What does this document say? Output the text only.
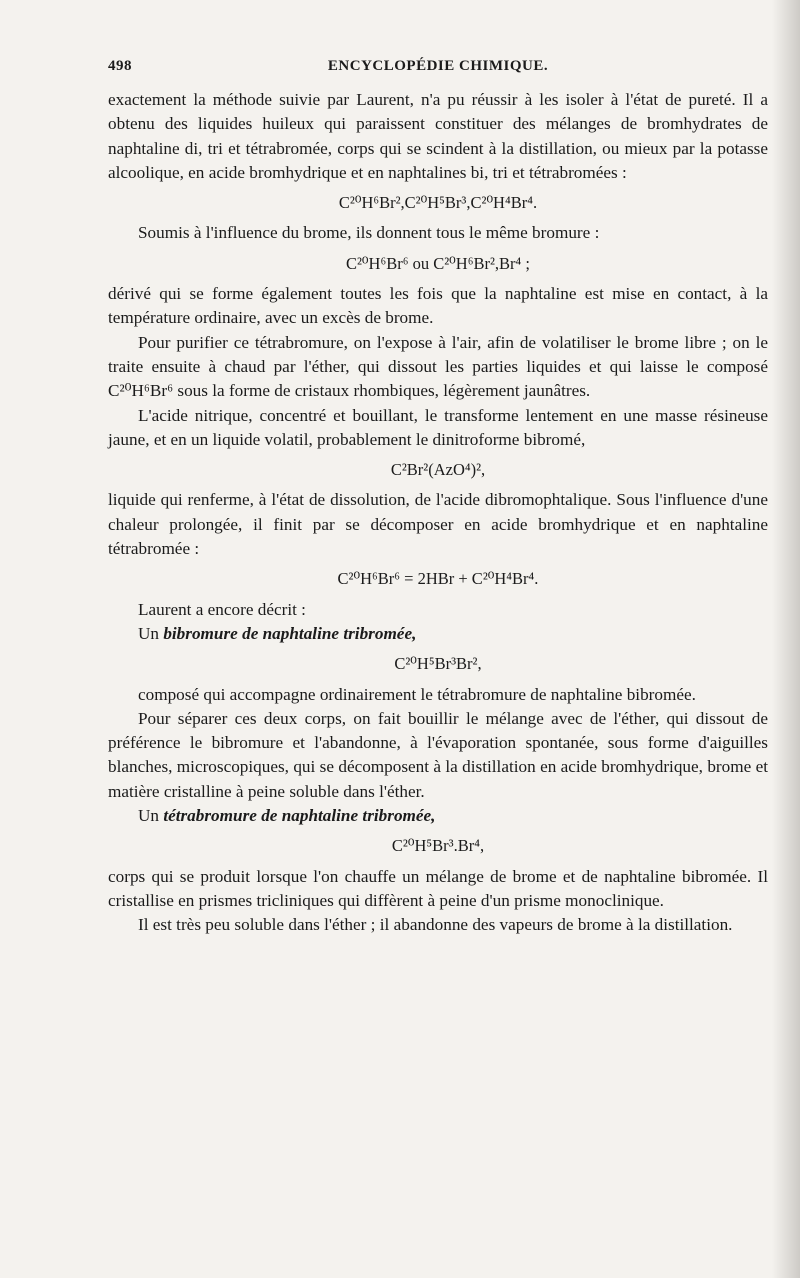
498	ENCYCLOPÉDIE CHIMIQUE.

exactement la méthode suivie par Laurent, n'a pu réussir à les isoler à l'état de pureté. Il a obtenu des liquides huileux qui paraissent constituer des mélanges de bromhydrates de naphtaline di, tri et tétrabromée, corps qui se scindent à la distillation, ou mieux par la potasse alcoolique, en acide bromhydrique et en naphtalines bi, tri et tétrabromées :

C²⁰H⁶Br²,C²⁰H⁵Br³,C²⁰H⁴Br⁴.

Soumis à l'influence du brome, ils donnent tous le même bromure :

C²⁰H⁶Br⁶ ou C²⁰H⁶Br²,Br⁴ ;

dérivé qui se forme également toutes les fois que la naphtaline est mise en contact, à la température ordinaire, avec un excès de brome.

Pour purifier ce tétrabromure, on l'expose à l'air, afin de volatiliser le brome libre ; on le traite ensuite à chaud par l'éther, qui dissout les parties liquides et qui laisse le composé C²⁰H⁶Br⁶ sous la forme de cristaux rhombiques, légèrement jaunâtres.

L'acide nitrique, concentré et bouillant, le transforme lentement en une masse résineuse jaune, et en un liquide volatil, probablement le dinitroforme bibromé,

C²Br²(AzO⁴)²,

liquide qui renferme, à l'état de dissolution, de l'acide dibromophtalique. Sous l'influence d'une chaleur prolongée, il finit par se décomposer en acide bromhydrique et en naphtaline tétrabromée :

C²⁰H⁶Br⁶ = 2HBr + C²⁰H⁴Br⁴.

Laurent a encore décrit :

Un bibromure de naphtaline tribromée,

C²⁰H⁵Br³Br²,

composé qui accompagne ordinairement le tétrabromure de naphtaline bibromée.

Pour séparer ces deux corps, on fait bouillir le mélange avec de l'éther, qui dissout de préférence le bibromure et l'abandonne, à l'évaporation spontanée, sous forme d'aiguilles blanches, microscopiques, qui se décomposent à la distillation en acide bromhydrique, brome et matière cristalline à peine soluble dans l'éther.

Un tétrabromure de naphtaline tribromée,

C²⁰H⁵Br³.Br⁴,

corps qui se produit lorsque l'on chauffe un mélange de brome et de naphtaline bibromée. Il cristallise en prismes tricliniques qui diffèrent à peine d'un prisme monoclinique.

Il est très peu soluble dans l'éther ; il abandonne des vapeurs de brome à la distillation.
